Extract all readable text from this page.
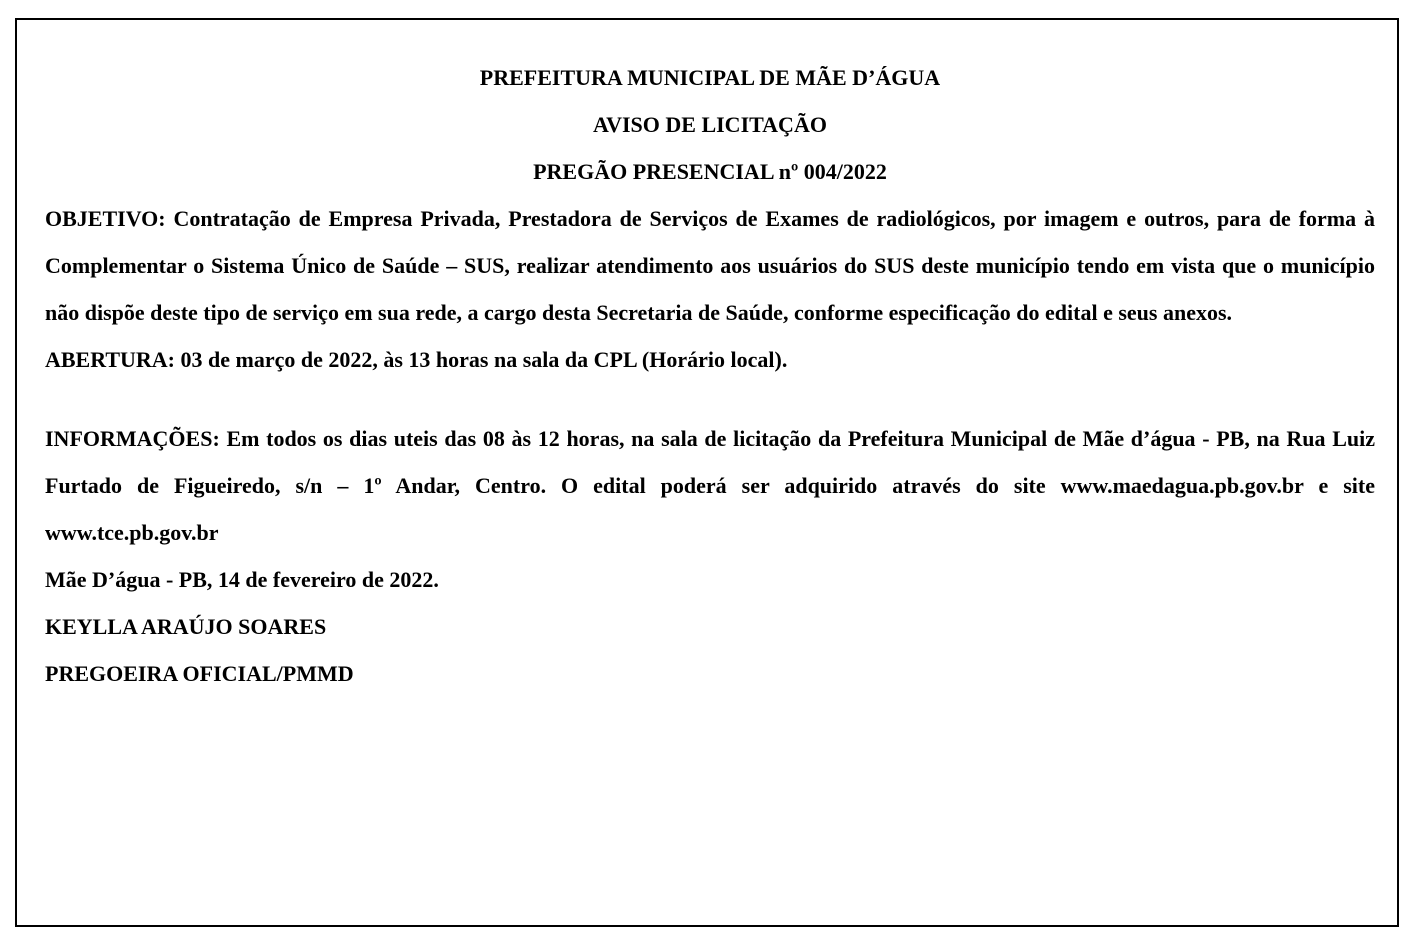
PREFEITURA MUNICIPAL DE MÃE D’ÁGUA

AVISO DE LICITAÇÃO

PREGÃO PRESENCIAL nº 004/2022

OBJETIVO: Contratação de Empresa Privada, Prestadora de Serviços de Exames de radiológicos, por imagem e outros, para de forma à Complementar o Sistema Único de Saúde – SUS, realizar atendimento aos usuários do SUS deste município tendo em vista que o município não dispõe deste tipo de serviço em sua rede, a cargo desta Secretaria de Saúde, conforme especificação do edital e seus anexos.

ABERTURA: 03 de março de 2022, às 13 horas na sala da CPL (Horário local).

INFORMAÇÕES: Em todos os dias uteis das 08 às 12 horas, na sala de licitação da Prefeitura Municipal de Mãe d’água - PB, na Rua Luiz Furtado de Figueiredo, s/n – 1º Andar, Centro. O edital poderá ser adquirido através do site www.maedagua.pb.gov.br e site www.tce.pb.gov.br

Mãe D’água - PB, 14 de fevereiro de 2022.

KEYLLA ARAÚJO SOARES

PREGOEIRA OFICIAL/PMMD
